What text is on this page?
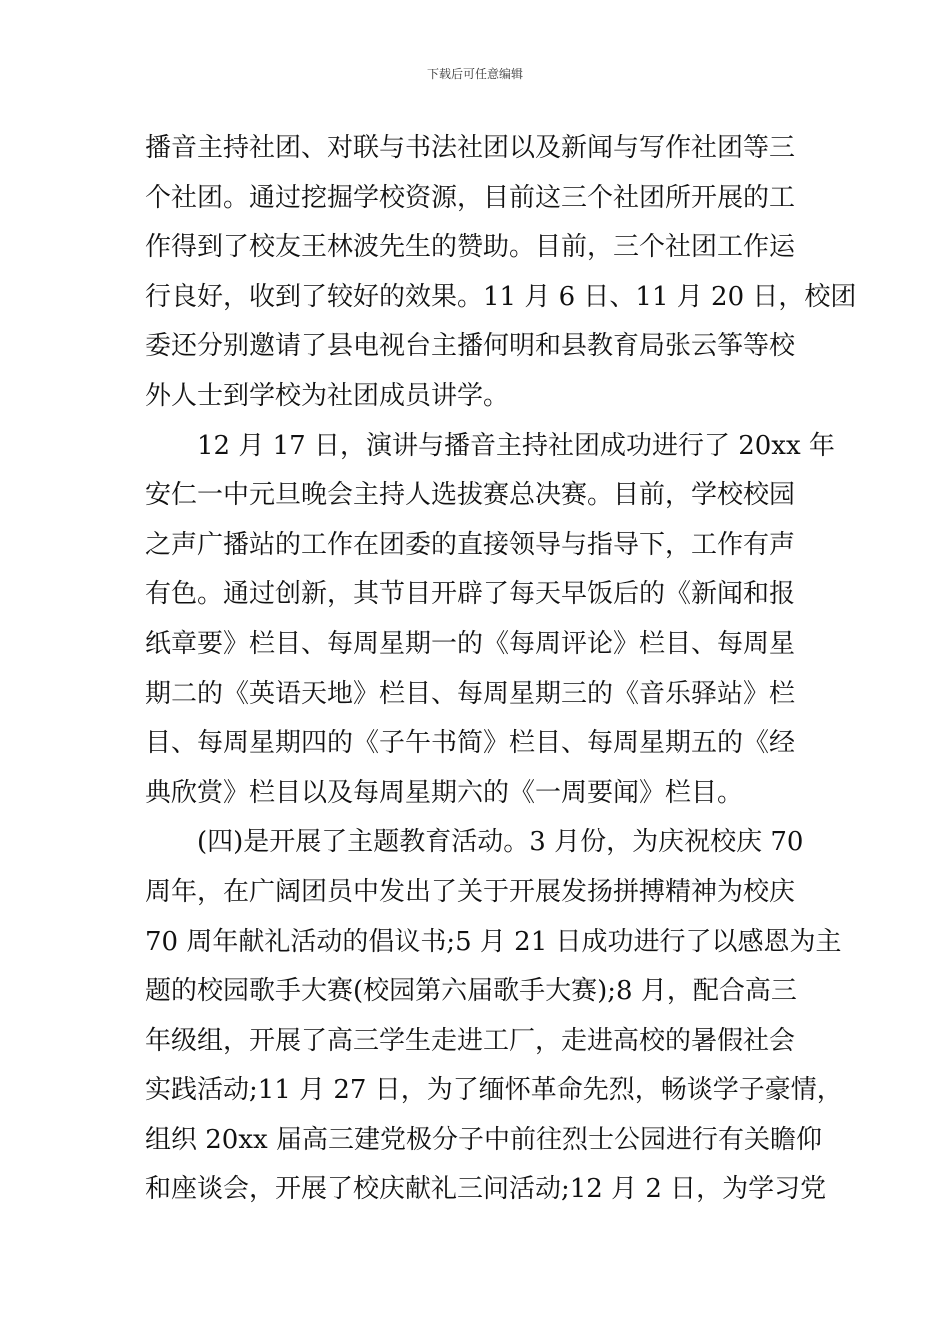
下载后可任意编辑
播音主持社团、对联与书法社团以及新闻与写作社团等三
个社团。通过挖掘学校资源，目前这三个社团所开展的工
作得到了校友王林波先生的赞助。目前，三个社团工作运
行良好，收到了较好的效果。11 月 6 日、11 月 20 日，校团
委还分别邀请了县电视台主播何明和县教育局张云筝等校
外人士到学校为社团成员讲学。
12 月 17 日，演讲与播音主持社团成功进行了 20xx 年
安仁一中元旦晚会主持人选拔赛总决赛。目前，学校校园
之声广播站的工作在团委的直接领导与指导下，工作有声
有色。通过创新，其节目开辟了每天早饭后的《新闻和报
纸章要》栏目、每周星期一的《每周评论》栏目、每周星
期二的《英语天地》栏目、每周星期三的《音乐驿站》栏
目、每周星期四的《子午书简》栏目、每周星期五的《经
典欣赏》栏目以及每周星期六的《一周要闻》栏目。
(四)是开展了主题教育活动。3 月份，为庆祝校庆 70
周年，在广阔团员中发出了关于开展发扬拼搏精神为校庆
70 周年献礼活动的倡议书;5 月 21 日成功进行了以感恩为主
题的校园歌手大赛(校园第六届歌手大赛);8 月，配合高三
年级组，开展了高三学生走进工厂，走进高校的暑假社会
实践活动;11 月 27 日，为了缅怀革命先烈，畅谈学子豪情，
组织 20xx 届高三建党极分子中前往烈士公园进行有关瞻仰
和座谈会，开展了校庆献礼三问活动;12 月 2 日，为学习党
